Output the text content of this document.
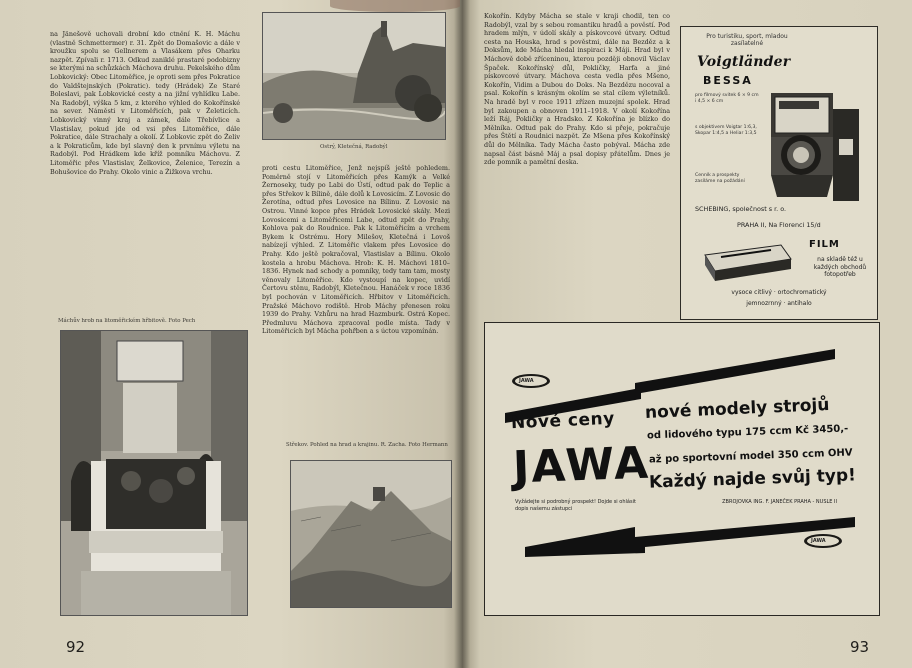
na Jänešově uchovali drobní kdo ctnění K. H. Máchu (vlastně Schmettermer) r. 31. Zpět do Domašovic a dále v kroužku spolu se Gellnerem a Vlasákem přes Oharku nazpět. Zpívali r. 1713. Odkud zaniklé prastaré podobizny se kterými na schůzkách Máchova druhu. Pekelského dům Lobkovický: Obec Litoměřice, je oproti sem přes Pokratice do Valdštejnských (Pokratic). tedy (Hrádek) Ze Staré Boleslavi, pak Lobkovické cesty a na jižní vyhlídku Labe. Na Radobýl, výška 5 km, z kterého výhled do Kokořínské na sever. Náměsti v Litoměřicích, pak v Želeticích. Lobkovický vinný kraj a zámek, dále Třebívlice a Vlastislav, pokud jde od vsi přes Litoměřice, dále Pokratice, dále Strachaly a okolí. Z Lobkovic zpět do Želiv a k Pokraticům, kde byl slavný den k prvnímu výletu na Radobýl. Pod Hrádkem kde kříž pomníku Máchovu. Z Litoměřic přes Vlastislav, Želkovice, Želenice, Terezín a Bohušovice do Prahy. Okolo vinic a Žižkova vrchu.

Ostrý, Kletečná, Radobýl

proti cestu Litoměřice, Jenž nejspíš ještě pohledem. Poměrně stojí v Litoměřicích přes Kamýk a Velké Žernoseky, tudy po Labi do Ústí, odtud pak do Teplic a přes Střekov k Bílině, dále dolů k Lovosicím. Z Lovosic do Žerotína, odtud přes Lovosice na Bílinu. Z Lovosic na Ostrou. Vinné kopce přes Hrádek Lovosické skály. Mezi Lovosicemi a Litoměřicemi Labe, odtud zpět do Prahy, Kohlova pak do Roudnice. Pak k Litoměřicím a vrchem Bykem k Ostrému. Hory Milešov, Kletečná i Lovoš nabízejí výhled. Z Litoměřic vlakem přes Lovosice do Prahy. Kdo ještě pokračoval, Vlastislav a Bílinu. Okolo kostela a hrobu Máchova. Hrob: K. H. Máchovi 1810–1836. Hynek nad schody a pomníky, tedy tam tam, mosty věnovaly Litoměřice. Kdo vystoupí na kopec, uvidí Čertovu stěnu, Radobýl, Kletečnou. Hanáček v roce 1836 byl pochován v Litoměřicích. Hřbitov v Litoměřicích. Pražské Máchovo rodiště. Hrob Máchy přenesen roku 1939 do Prahy. Vzhůru na hrad Hazmburk. Ostrá Kopec. Předmluvu Máchova zpracoval podle místa. Tady v Litoměřicích byl Mácha pohřben a s úctou vzpomínán.

Máchův hrob na litoměřickém hřbitově. Foto Pech
Střekov. Pohled na hrad a krajinu. R. Zacha. Foto Hermann
92

Kokořín. Kdyby Mácha se stale v kraji chodil, ten co Radobýl, vzal by s sebou romantiku hradů a pověstí. Pod hradem mlýn, v údolí skály a pískovcové útvary. Odtud cesta na Houska, hrad s pověstmi, dále na Bezděz a k Doksům, kde Mácha hledal inspiraci k Máji. Hrad byl v Máchově době zříceninou, kterou později obnovil Václav Špaček. Kokořínský důl, Pokličky, Harfa a jiné pískovcové útvary. Máchova cesta vedla přes Mšeno, Kokořín, Vidim a Dubou do Doks. Na Bezdězu nocoval a psal. Kokořín s krásným okolím se stal cílem výletníků. Na hradě byl v roce 1911 zřízen muzejní spolek. Hrad byl zakoupen a obnoven 1911–1918. V okolí Kokořína leží Ráj, Pokličky a Hradsko. Z Kokořína je blízko do Mělníka. Odtud pak do Prahy. Kdo si přeje, pokračuje přes Štětí a Roudnici nazpět. Ze Mšena přes Kokořínský důl do Mělníka. Tady Mácha často pobýval. Mácha zde napsal část básně Máj a psal dopisy přátelům. Dnes je zde pomník a pamětní deska.

Pro turistiku, sport, mladou zasílatelné
Voigtländer
BESSA
pro filmový svitek 6 × 9 cm i 4,5 × 6 cm
s objektivem Voigtar 1:6,3, Skopar 1:4,5 a Heliar 1:3,5
Cenník a prospekty zasíláme na požádání
SCHEBING, společnost s r. o.
PRAHA II, Na Florenci 15/d
FILM
na skladě též u každých obchodů fotopotřeb
vysoce citlivý · ortochromatický
jemnozrnný · antihalo
JAWA
Nové ceny
JAWA
nové modely strojů
od lidového typu 175 ccm Kč 3450,-
až po sportovní model 350 ccm OHV
Každý najde svůj typ!
Vyžádejte si podrobný prospekt! Dojde si ohlásit dopis našemu zástupci
ZBROJOVKA ING. F. JANEČEK PRAHA - NUSLE II
JAWA
93
